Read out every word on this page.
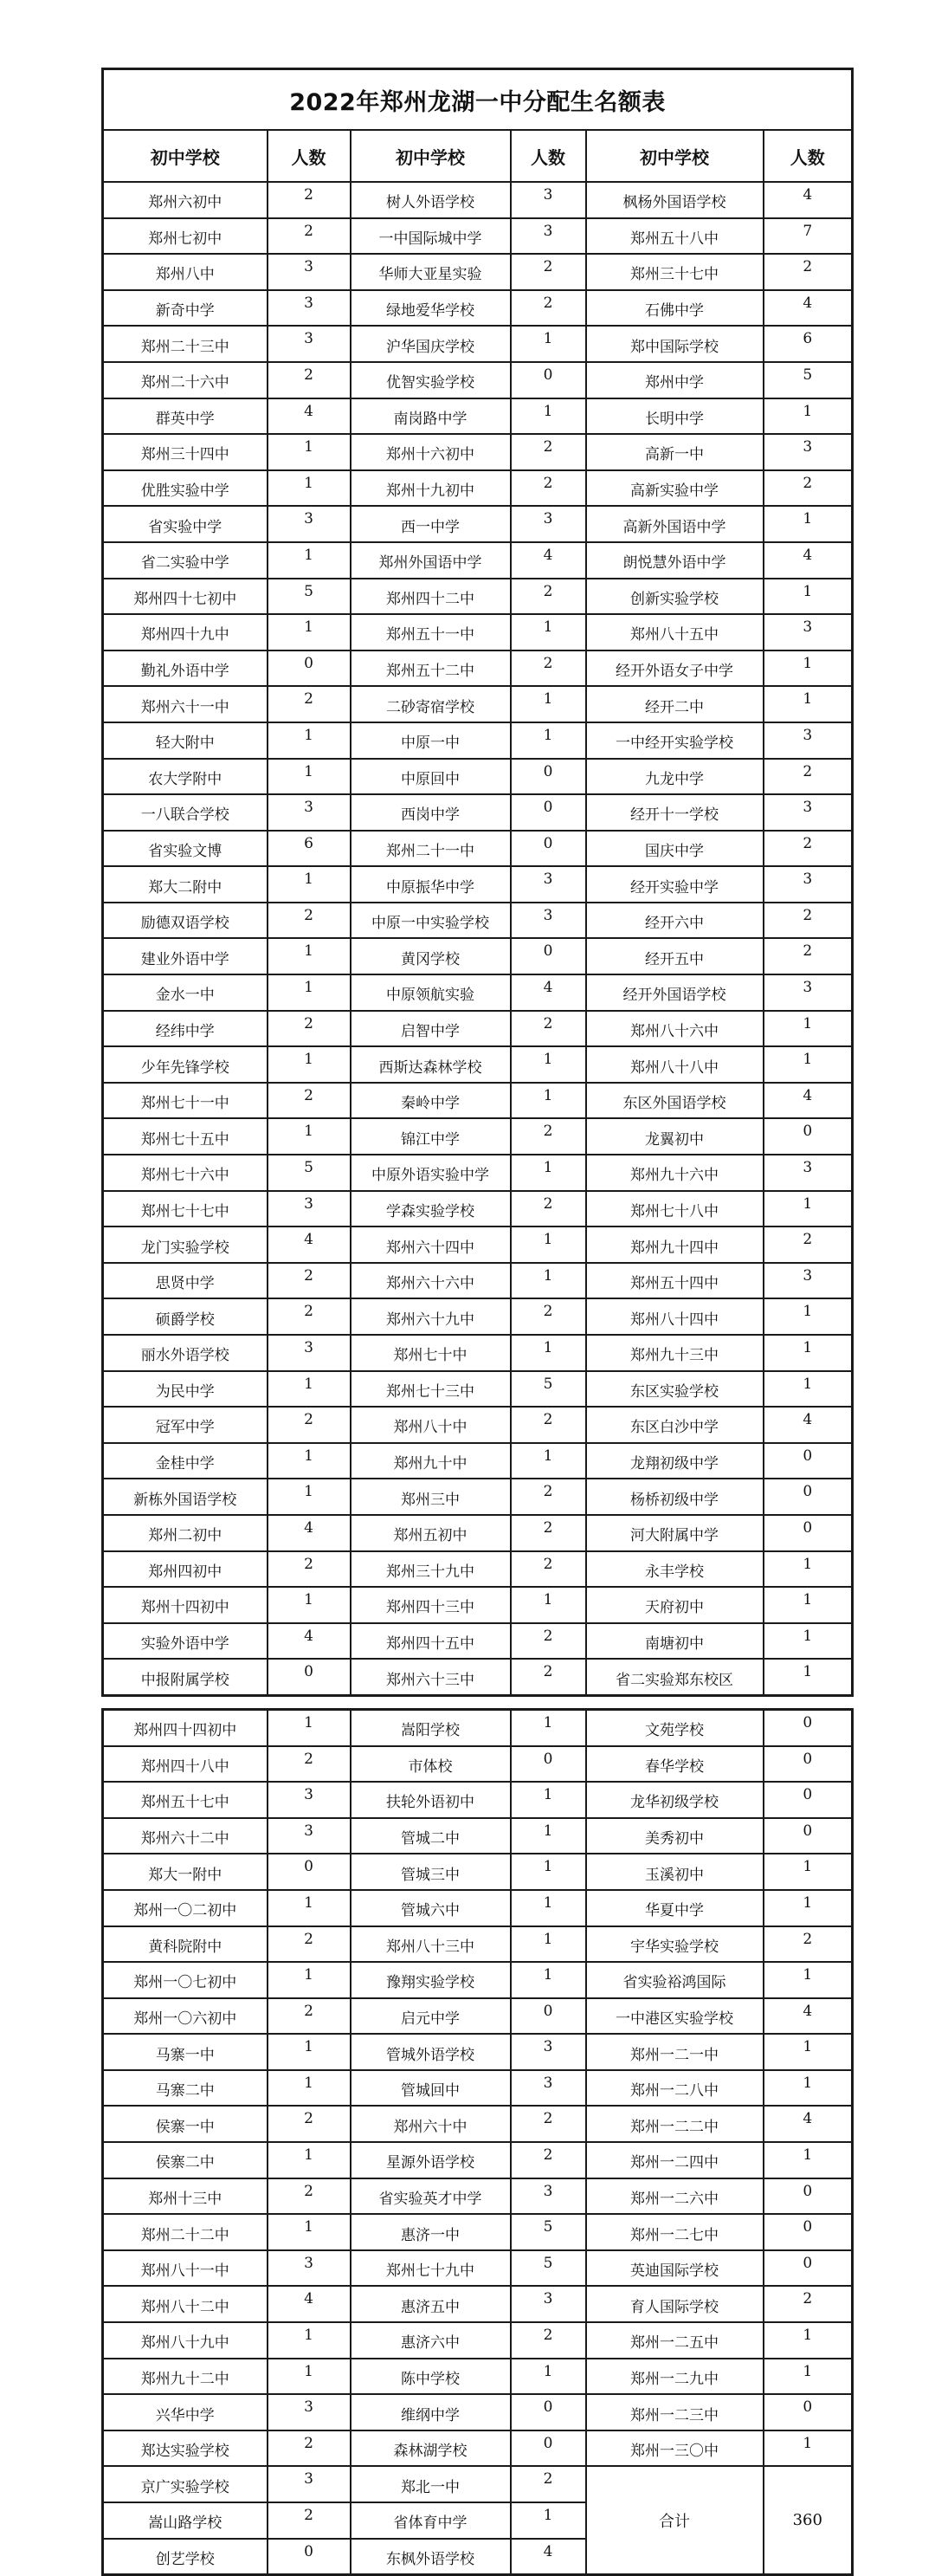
2022年郑州龙湖一中分配生名额表					
初中学校	人数	初中学校	人数	初中学校	人数
郑州六初中	2	树人外语学校	3	枫杨外国语学校	4
郑州七初中	2	一中国际城中学	3	郑州五十八中	7
郑州八中	3	华师大亚星实验	2	郑州三十七中	2
新奇中学	3	绿地爱华学校	2	石佛中学	4
郑州二十三中	3	沪华国庆学校	1	郑中国际学校	6
郑州二十六中	2	优智实验学校	0	郑州中学	5
群英中学	4	南岗路中学	1	长明中学	1
郑州三十四中	1	郑州十六初中	2	高新一中	3
优胜实验中学	1	郑州十九初中	2	高新实验中学	2
省实验中学	3	西一中学	3	高新外国语中学	1
省二实验中学	1	郑州外国语中学	4	朗悦慧外语中学	4
郑州四十七初中	5	郑州四十二中	2	创新实验学校	1
郑州四十九中	1	郑州五十一中	1	郑州八十五中	3
勤礼外语中学	0	郑州五十二中	2	经开外语女子中学	1
郑州六十一中	2	二砂寄宿学校	1	经开二中	1
轻大附中	1	中原一中	1	一中经开实验学校	3
农大学附中	1	中原回中	0	九龙中学	2
一八联合学校	3	西岗中学	0	经开十一学校	3
省实验文博	6	郑州二十一中	0	国庆中学	2
郑大二附中	1	中原振华中学	3	经开实验中学	3
励德双语学校	2	中原一中实验学校	3	经开六中	2
建业外语中学	1	黄冈学校	0	经开五中	2
金水一中	1	中原领航实验	4	经开外国语学校	3
经纬中学	2	启智中学	2	郑州八十六中	1
少年先锋学校	1	西斯达森林学校	1	郑州八十八中	1
郑州七十一中	2	秦岭中学	1	东区外国语学校	4
郑州七十五中	1	锦江中学	2	龙翼初中	0
郑州七十六中	5	中原外语实验中学	1	郑州九十六中	3
郑州七十七中	3	学森实验学校	2	郑州七十八中	1
龙门实验学校	4	郑州六十四中	1	郑州九十四中	2
思贤中学	2	郑州六十六中	1	郑州五十四中	3
硕爵学校	2	郑州六十九中	2	郑州八十四中	1
丽水外语学校	3	郑州七十中	1	郑州九十三中	1
为民中学	1	郑州七十三中	5	东区实验学校	1
冠军中学	2	郑州八十中	2	东区白沙中学	4
金桂中学	1	郑州九十中	1	龙翔初级中学	0
新栋外国语学校	1	郑州三中	2	杨桥初级中学	0
郑州二初中	4	郑州五初中	2	河大附属中学	0
郑州四初中	2	郑州三十九中	2	永丰学校	1
郑州十四初中	1	郑州四十三中	1	天府初中	1
实验外语中学	4	郑州四十五中	2	南塘初中	1
中报附属学校	0	郑州六十三中	2	省二实验郑东校区	1
郑州四十四初中	1	嵩阳学校	1	文苑学校	0
郑州四十八中	2	市体校	0	春华学校	0
郑州五十七中	3	扶轮外语初中	1	龙华初级学校	0
郑州六十二中	3	管城二中	1	美秀初中	0
郑大一附中	0	管城三中	1	玉溪初中	1
郑州一〇二初中	1	管城六中	1	华夏中学	1
黄科院附中	2	郑州八十三中	1	宇华实验学校	2
郑州一〇七初中	1	豫翔实验学校	1	省实验裕鸿国际	1
郑州一〇六初中	2	启元中学	0	一中港区实验学校	4
马寨一中	1	管城外语学校	3	郑州一二一中	1
马寨二中	1	管城回中	3	郑州一二八中	1
侯寨一中	2	郑州六十中	2	郑州一二二中	4
侯寨二中	1	星源外语学校	2	郑州一二四中	1
郑州十三中	2	省实验英才中学	3	郑州一二六中	0
郑州二十二中	1	惠济一中	5	郑州一二七中	0
郑州八十一中	3	郑州七十九中	5	英迪国际学校	0
郑州八十二中	4	惠济五中	3	育人国际学校	2
郑州八十九中	1	惠济六中	2	郑州一二五中	1
郑州九十二中	1	陈中学校	1	郑州一二九中	1
兴华中学	3	维纲中学	0	郑州一二三中	0
郑达实验学校	2	森林湖学校	0	郑州一三〇中	1
京广实验学校	3	郑北一中	2	合计	360
嵩山路学校	2	省体育中学	1		
创艺学校	0	东枫外语学校	4		
